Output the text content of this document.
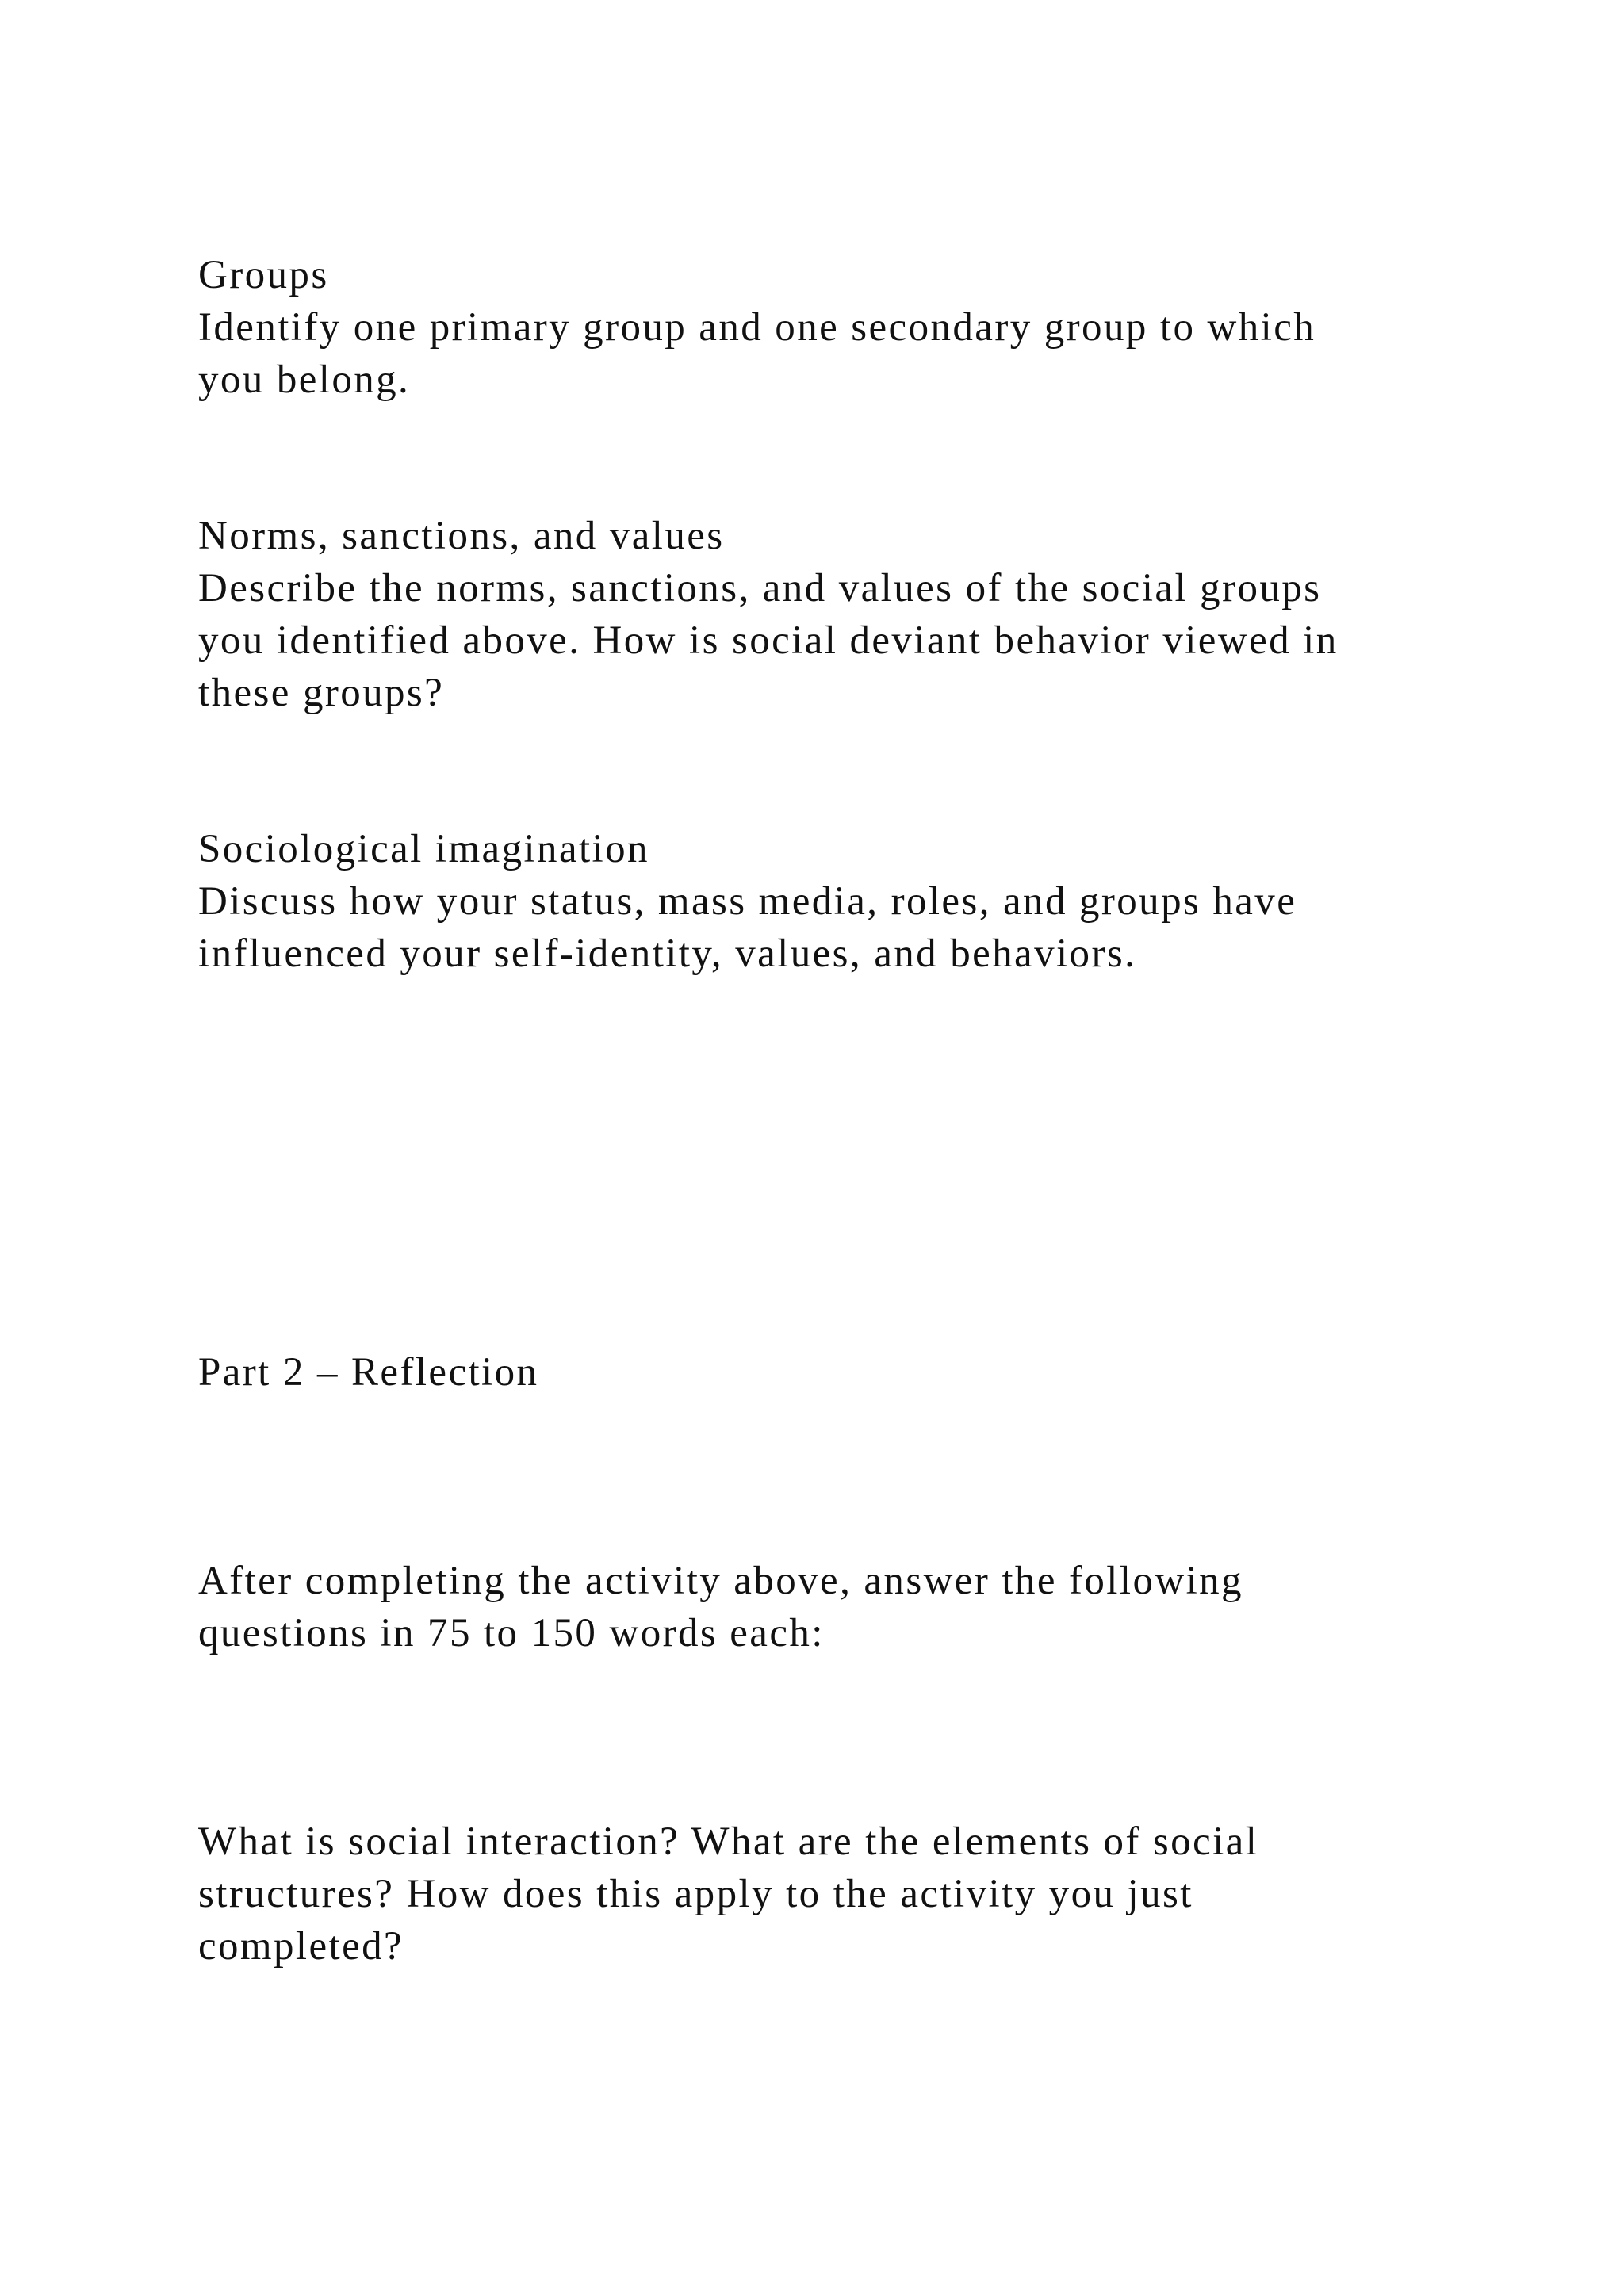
Groups

Identify one primary group and one secondary group to which

you belong.

Norms, sanctions, and values

Describe the norms, sanctions, and values of the social groups

you identified above. How is social deviant behavior viewed in

these groups?

Sociological imagination

Discuss how your status, mass media, roles, and groups have

influenced your self-identity, values, and behaviors.

Part 2 – Reflection

After completing the activity above, answer the following

questions in 75 to 150 words each:

What is social interaction? What are the elements of social

structures? How does this apply to the activity you just

completed?
